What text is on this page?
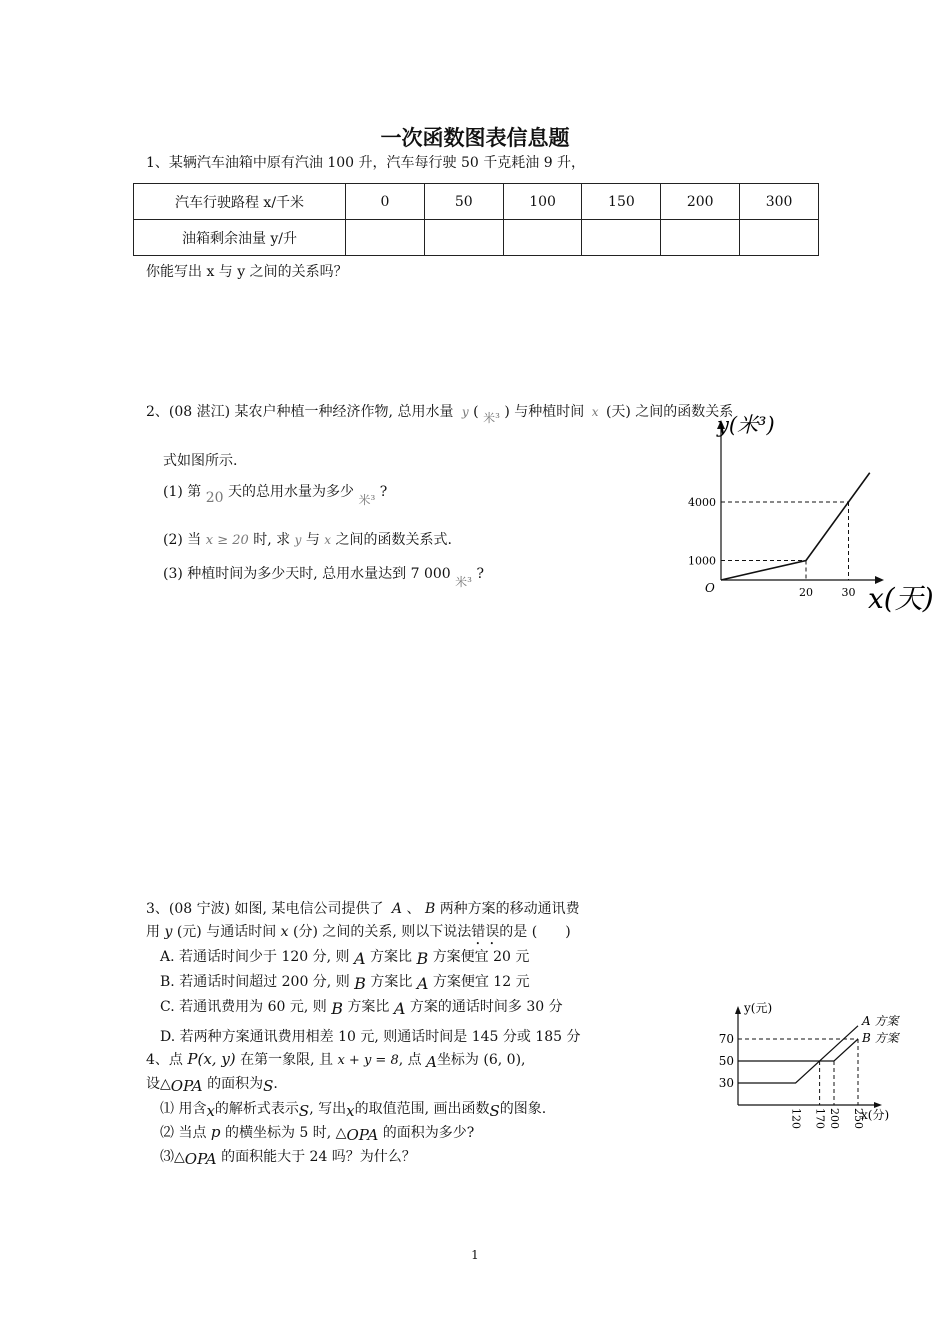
一次函数图表信息题
1、某辆汽车油箱中原有汽油 100 升，汽车每行驶 50 千克耗油 9 升，
汽车行驶路程 x/千米	0	50	100	150	200	300
油箱剩余油量 y/升						
你能写出 x 与 y 之间的关系吗？
2、(08 湛江) 某农户种植一种经济作物, 总用水量 y ( 米³ ) 与种植时间 x (天) 之间的函数关系
式如图所示.
(1) 第 20 天的总用水量为多少 米³ ?
(2) 当 x ≥ 20 时, 求 y 与 x 之间的函数关系式.
(3) 种植时间为多少天时, 总用水量达到 7 000 米³ ?
20	30
1000
4000
y(米³)
x(天)
O
3、(08 宁波) 如图, 某电信公司提供了 A 、 B 两种方案的移动通讯费
用 y (元) 与通话时间 x (分) 之间的关系, 则以下说法错误的是 (　　)
A. 若通话时间少于 120 分, 则 A 方案比 B 方案便宜 20 元
B. 若通话时间超过 200 分, 则 B 方案比 A 方案便宜 12 元
C. 若通讯费用为 60 元, 则 B 方案比 A 方案的通话时间多 30 分
D. 若两种方案通讯费用相差 10 元, 则通话时间是 145 分或 185 分
4、点 P(x, y) 在第一象限, 且 x + y = 8, 点 A坐标为 (6, 0),
设△OPA 的面积为S.
⑴ 用含x的解析式表示S, 写出x的取值范围, 画出函数S的图象.
⑵ 当点 p 的横坐标为 5 时, △OPA 的面积为多少?
⑶△OPA 的面积能大于 24 吗？为什么？
A 方案
B 方案
120 170 200 250
30
50
70
y(元)
x(分)
1
